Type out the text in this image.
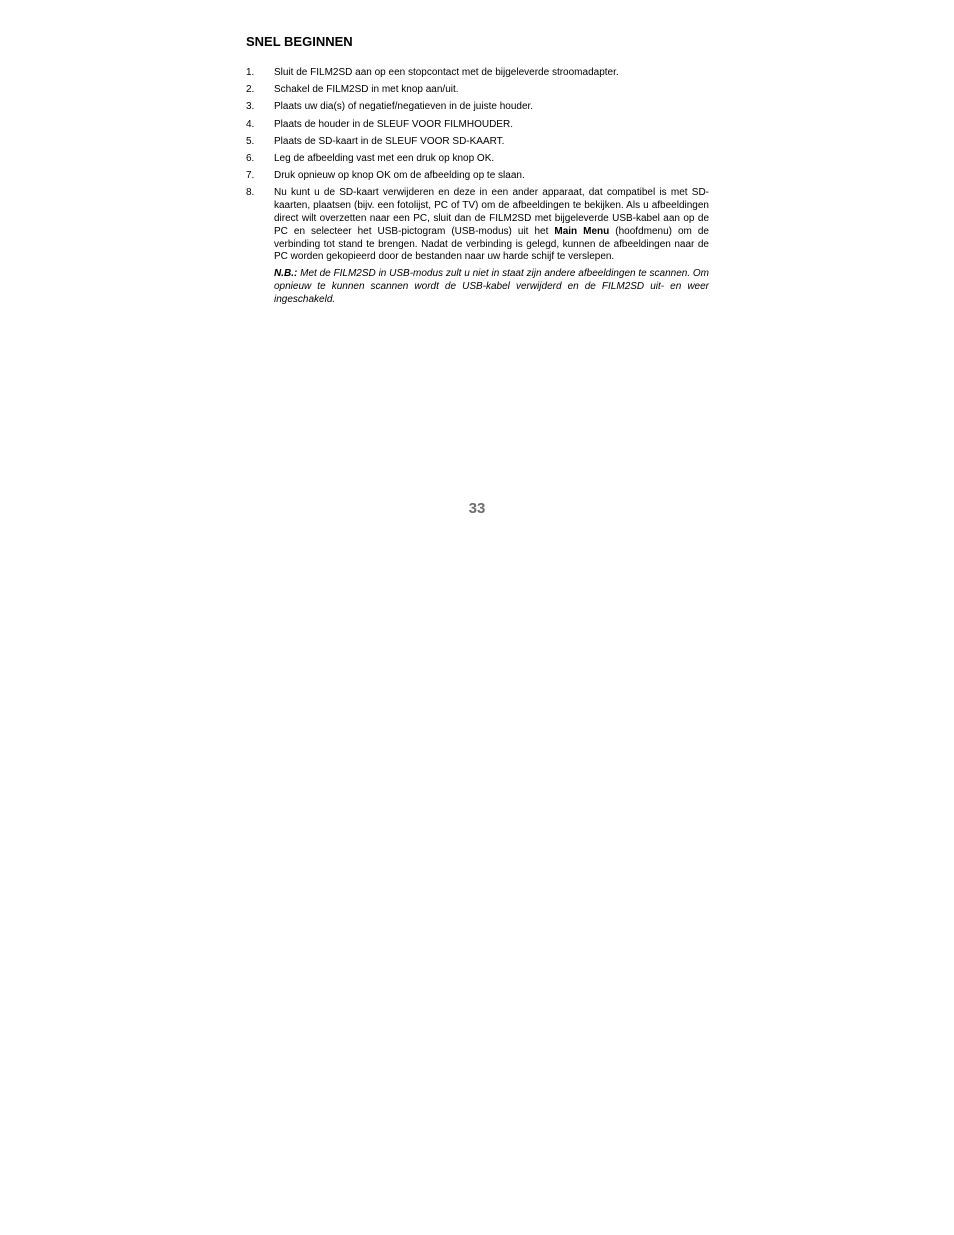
SNEL BEGINNEN
1.	Sluit de FILM2SD aan op een stopcontact met de bijgeleverde stroomadapter.
2.	Schakel de FILM2SD in met knop aan/uit.
3.	Plaats uw dia(s) of negatief/negatieven in de juiste houder.
4.	Plaats de houder in de SLEUF VOOR FILMHOUDER.
5.	Plaats de SD-kaart in de SLEUF VOOR SD-KAART.
6.	Leg de afbeelding vast met een druk op knop OK.
7.	Druk opnieuw op knop OK om de afbeelding op te slaan.
8.	Nu kunt u de SD-kaart verwijderen en deze in een ander apparaat, dat compatibel is met SD-kaarten, plaatsen (bijv. een fotolijst, PC of TV) om de afbeeldingen te bekijken. Als u afbeeldingen direct wilt overzetten naar een PC, sluit dan de FILM2SD met bijgeleverde USB-kabel aan op de PC en selecteer het USB-pictogram (USB-modus) uit het Main Menu (hoofdmenu) om de verbinding tot stand te brengen. Nadat de verbinding is gelegd, kunnen de afbeeldingen naar de PC worden gekopieerd door de bestanden naar uw harde schijf te verslepen.

N.B.: Met de FILM2SD in USB-modus zult u niet in staat zijn andere afbeeldingen te scannen. Om opnieuw te kunnen scannen wordt de USB-kabel verwijderd en de FILM2SD uit- en weer ingeschakeld.

33
